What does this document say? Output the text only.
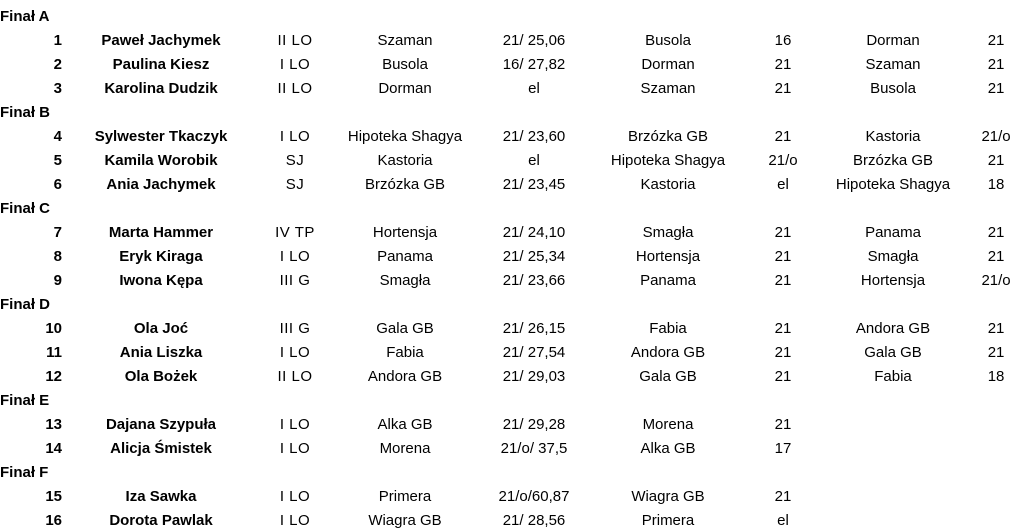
Finał A								
1	Paweł Jachymek	II LO	Szaman	21/ 25,06	Busola	16	Dorman	21
2	Paulina Kiesz	I LO	Busola	16/ 27,82	Dorman	21	Szaman	21
3	Karolina Dudzik	II LO	Dorman	el	Szaman	21	Busola	21
Finał B								
4	Sylwester Tkaczyk	I LO	Hipoteka Shagya	21/ 23,60	Brzózka GB	21	Kastoria	21/o
5	Kamila Worobik	SJ	Kastoria	el	Hipoteka Shagya	21/o	Brzózka GB	21
6	Ania Jachymek	SJ	Brzózka GB	21/ 23,45	Kastoria	el	Hipoteka Shagya	18
Finał C								
7	Marta Hammer	IV TP	Hortensja	21/ 24,10	Smagła	21	Panama	21
8	Eryk Kiraga	I LO	Panama	21/ 25,34	Hortensja	21	Smagła	21
9	Iwona Kępa	III G	Smagła	21/ 23,66	Panama	21	Hortensja	21/o
Finał D								
10	Ola Joć	III G	Gala GB	21/ 26,15	Fabia	21	Andora GB	21
11	Ania Liszka	I LO	Fabia	21/ 27,54	Andora GB	21	Gala GB	21
12	Ola Bożek	II LO	Andora GB	21/ 29,03	Gala GB	21	Fabia	18
Finał E								
13	Dajana Szypuła	I LO	Alka GB	21/ 29,28	Morena	21		
14	Alicja Śmistek	I LO	Morena	21/o/ 37,5	Alka GB	17		
Finał F								
15	Iza Sawka	I LO	Primera	21/o/60,87	Wiagra GB	21		
16	Dorota Pawlak	I LO	Wiagra GB	21/ 28,56	Primera	el		
